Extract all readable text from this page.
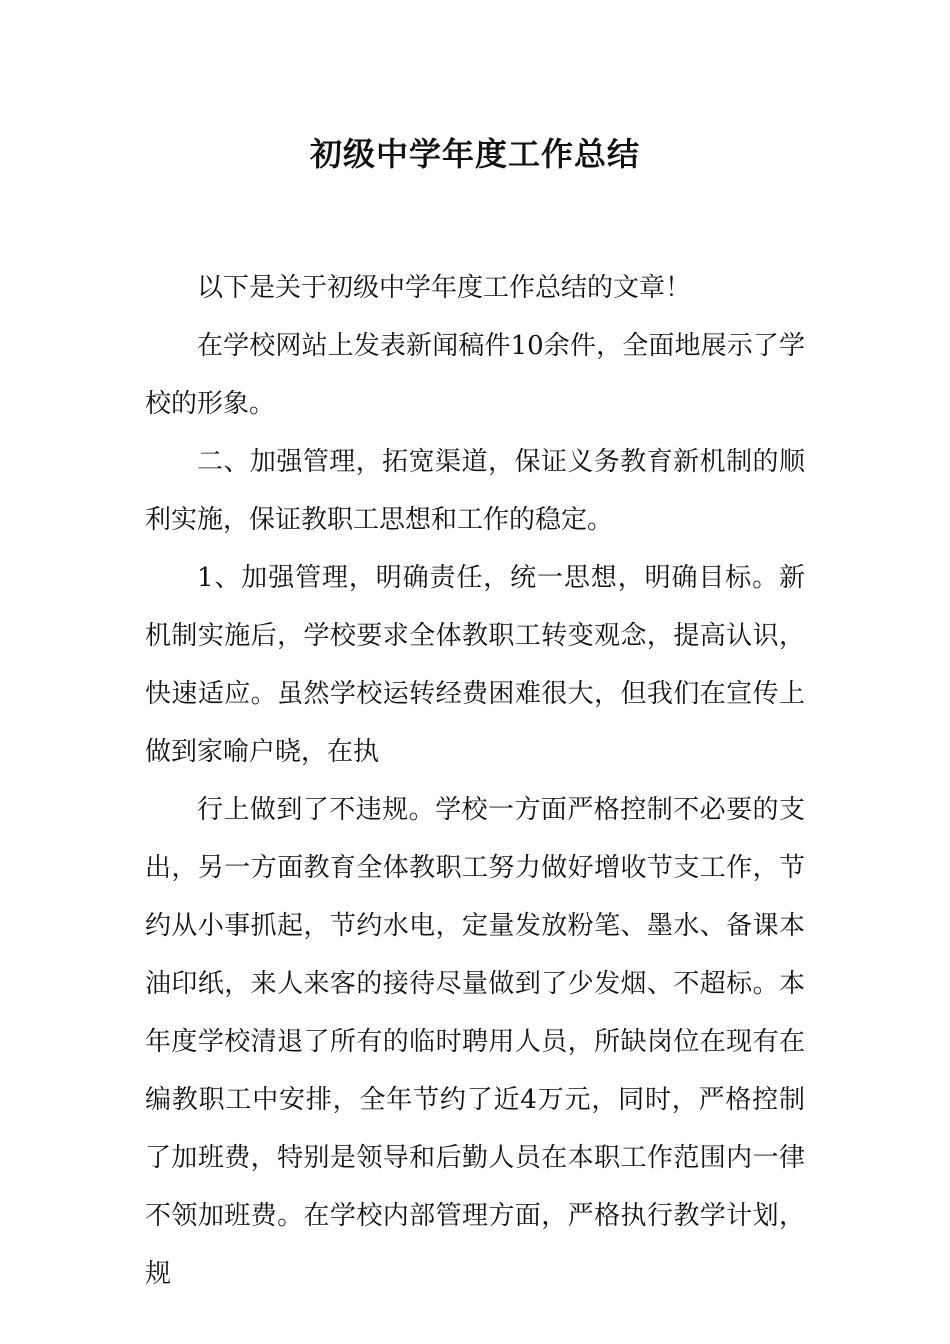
初级中学年度工作总结

以下是关于初级中学年度工作总结的文章！

在学校网站上发表新闻稿件10余件，全面地展示了学校的形象。

二、加强管理，拓宽渠道，保证义务教育新机制的顺利实施，保证教职工思想和工作的稳定。

1、加强管理，明确责任，统一思想，明确目标。新机制实施后，学校要求全体教职工转变观念，提高认识，快速适应。虽然学校运转经费困难很大，但我们在宣传上做到家喻户晓，在执

行上做到了不违规。学校一方面严格控制不必要的支出，另一方面教育全体教职工努力做好增收节支工作，节约从小事抓起，节约水电，定量发放粉笔、墨水、备课本油印纸，来人来客的接待尽量做到了少发烟、不超标。本年度学校清退了所有的临时聘用人员，所缺岗位在现有在编教职工中安排，全年节约了近4万元，同时，严格控制了加班费，特别是领导和后勤人员在本职工作范围内一律不领加班费。在学校内部管理方面，严格执行教学计划，规
